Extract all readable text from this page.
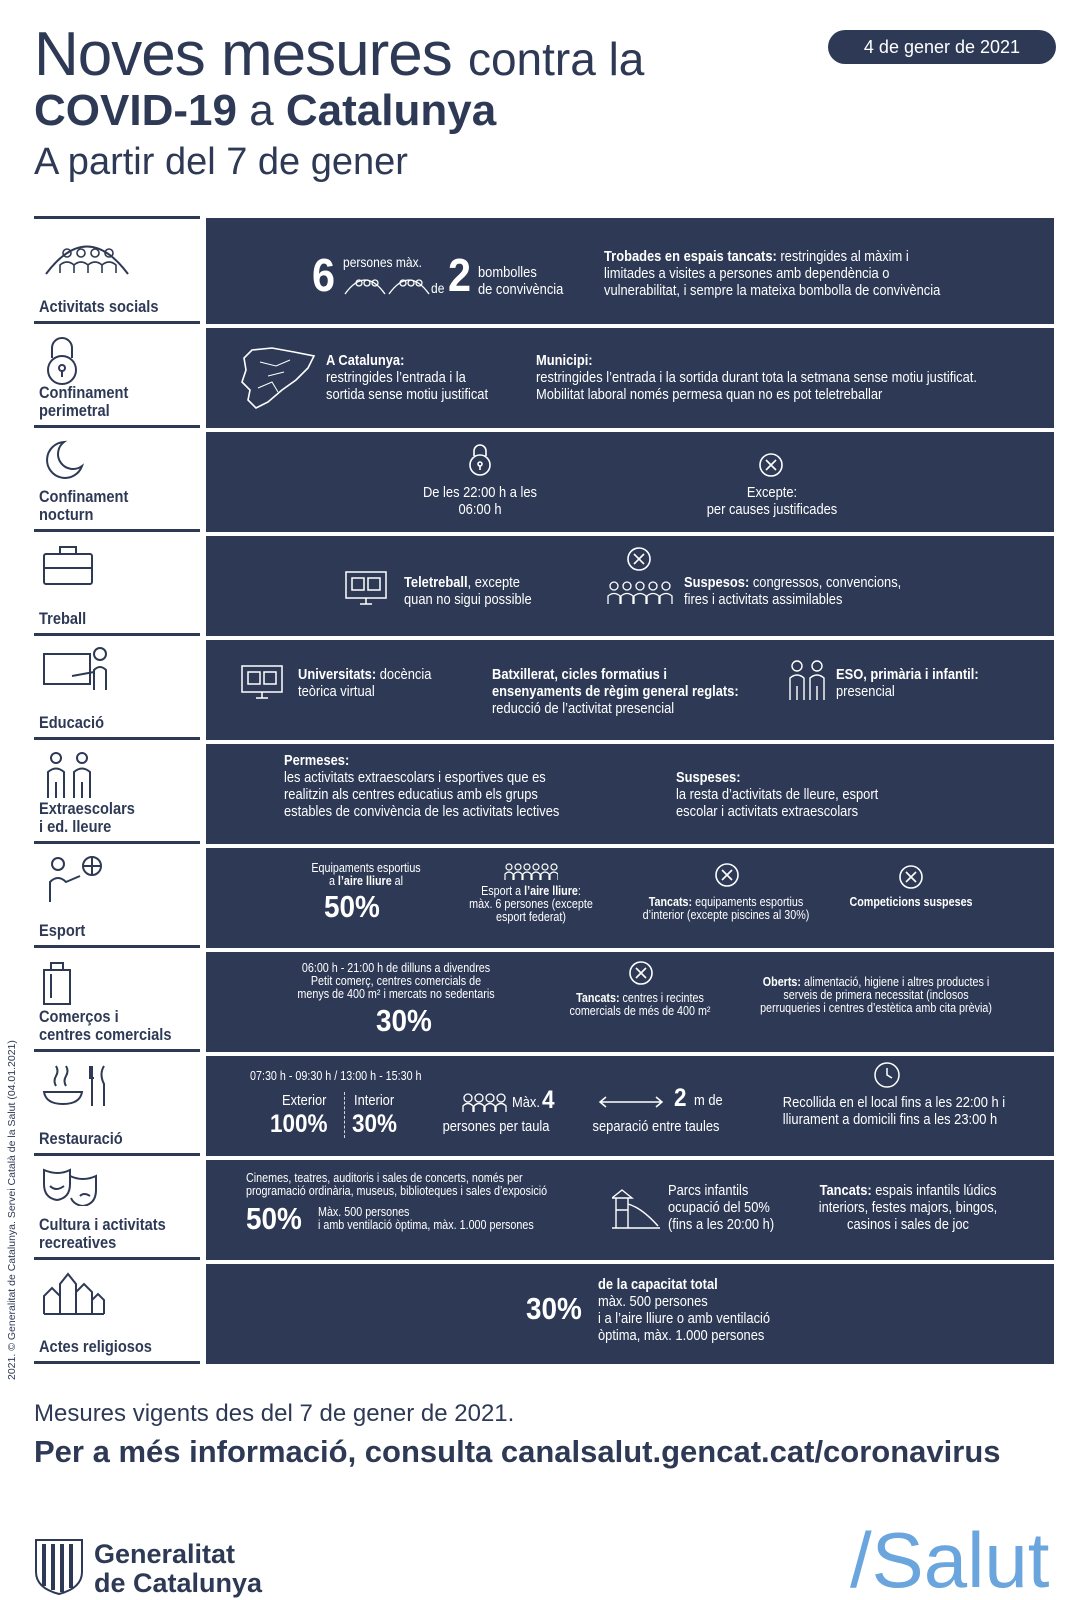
Noves mesures contra la
COVID-19 a Catalunya
A partir del 7 de gener
4 de gener de 2021
Activitats socials
6 persones màx.
de 2 bombolles
de convivència
Trobades en espais tancats: restringides al màxim i
limitades a visites a persones amb dependència o
vulnerabilitat, i sempre la mateixa bombolla de convivència
Confinament
perimetral
A Catalunya:
restringides l’entrada i la
sortida sense motiu justificat
Municipi:
restringides l’entrada i la sortida durant tota la setmana sense motiu justificat.
Mobilitat laboral només permesa quan no es pot teletreballar
Confinament
nocturn
De les 22:00 h a les
06:00 h
Excepte:
per causes justificades
Treball
Teletreball, excepte
quan no sigui possible
Suspesos: congressos, convencions,
fires i activitats assimilables
Educació
Universitats: docència
teòrica virtual
Batxillerat, cicles formatius i
ensenyaments de règim general reglats:
reducció de l’activitat presencial
ESO, primària i infantil:
presencial
Extraescolars
i ed. lleure
Permeses:
les activitats extraescolars i esportives que es
realitzin als centres educatius amb els grups
estables de convivència de les activitats lectives
Suspeses:
la resta d’activitats de lleure, esport
escolar i activitats extraescolars
Esport
Equipaments esportius
a l’aire lliure al
50%	Esport a l’aire lliure:
màx. 6 persones (excepte
esport federat)
Tancats: equipaments esportius
d’interior (excepte piscines al 30%)
Competicions suspeses
Comerços i
centres comercials
06:00 h - 21:00 h de dilluns a divendres
Petit comerç, centres comercials de
menys de 400 m² i mercats no sedentaris
30%
Tancats: centres i recintes
comercials de més de 400 m²
Oberts: alimentació, higiene i altres productes i
serveis de primera necessitat (inclosos
perruqueries i centres d’estètica amb cita prèvia)
Restauració
07:30 h - 09:30 h / 13:00 h - 15:30 h
Exterior Interior
100% 30%
Màx. 4
persones per taula
2 m de
separació entre taules
Recollida en el local fins a les 22:00 h i
lliurament a domicili fins a les 23:00 h
Cultura i activitats
recreatives
Cinemes, teatres, auditoris i sales de concerts, només per
programació ordinària, museus, biblioteques i sales d’exposició
50% Màx. 500 persones
i amb ventilació òptima, màx. 1.000 persones
Parcs infantils
ocupació del 50%
(fins a les 20:00 h)
Tancats: espais infantils lúdics
interiors, festes majors, bingos,
casinos i sales de joc
Actes religiosos
30%
de la capacitat total
màx. 500 persones
i a l’aire lliure o amb ventilació
òptima, màx. 1.000 persones
Mesures vigents des del 7 de gener de 2021.
Per a més informació, consulta canalsalut.gencat.cat/coronavirus
Generalitat
de Catalunya	/Salut
2021. © Generalitat de Catalunya. Servei Català de la Salut (04.01.2021)
